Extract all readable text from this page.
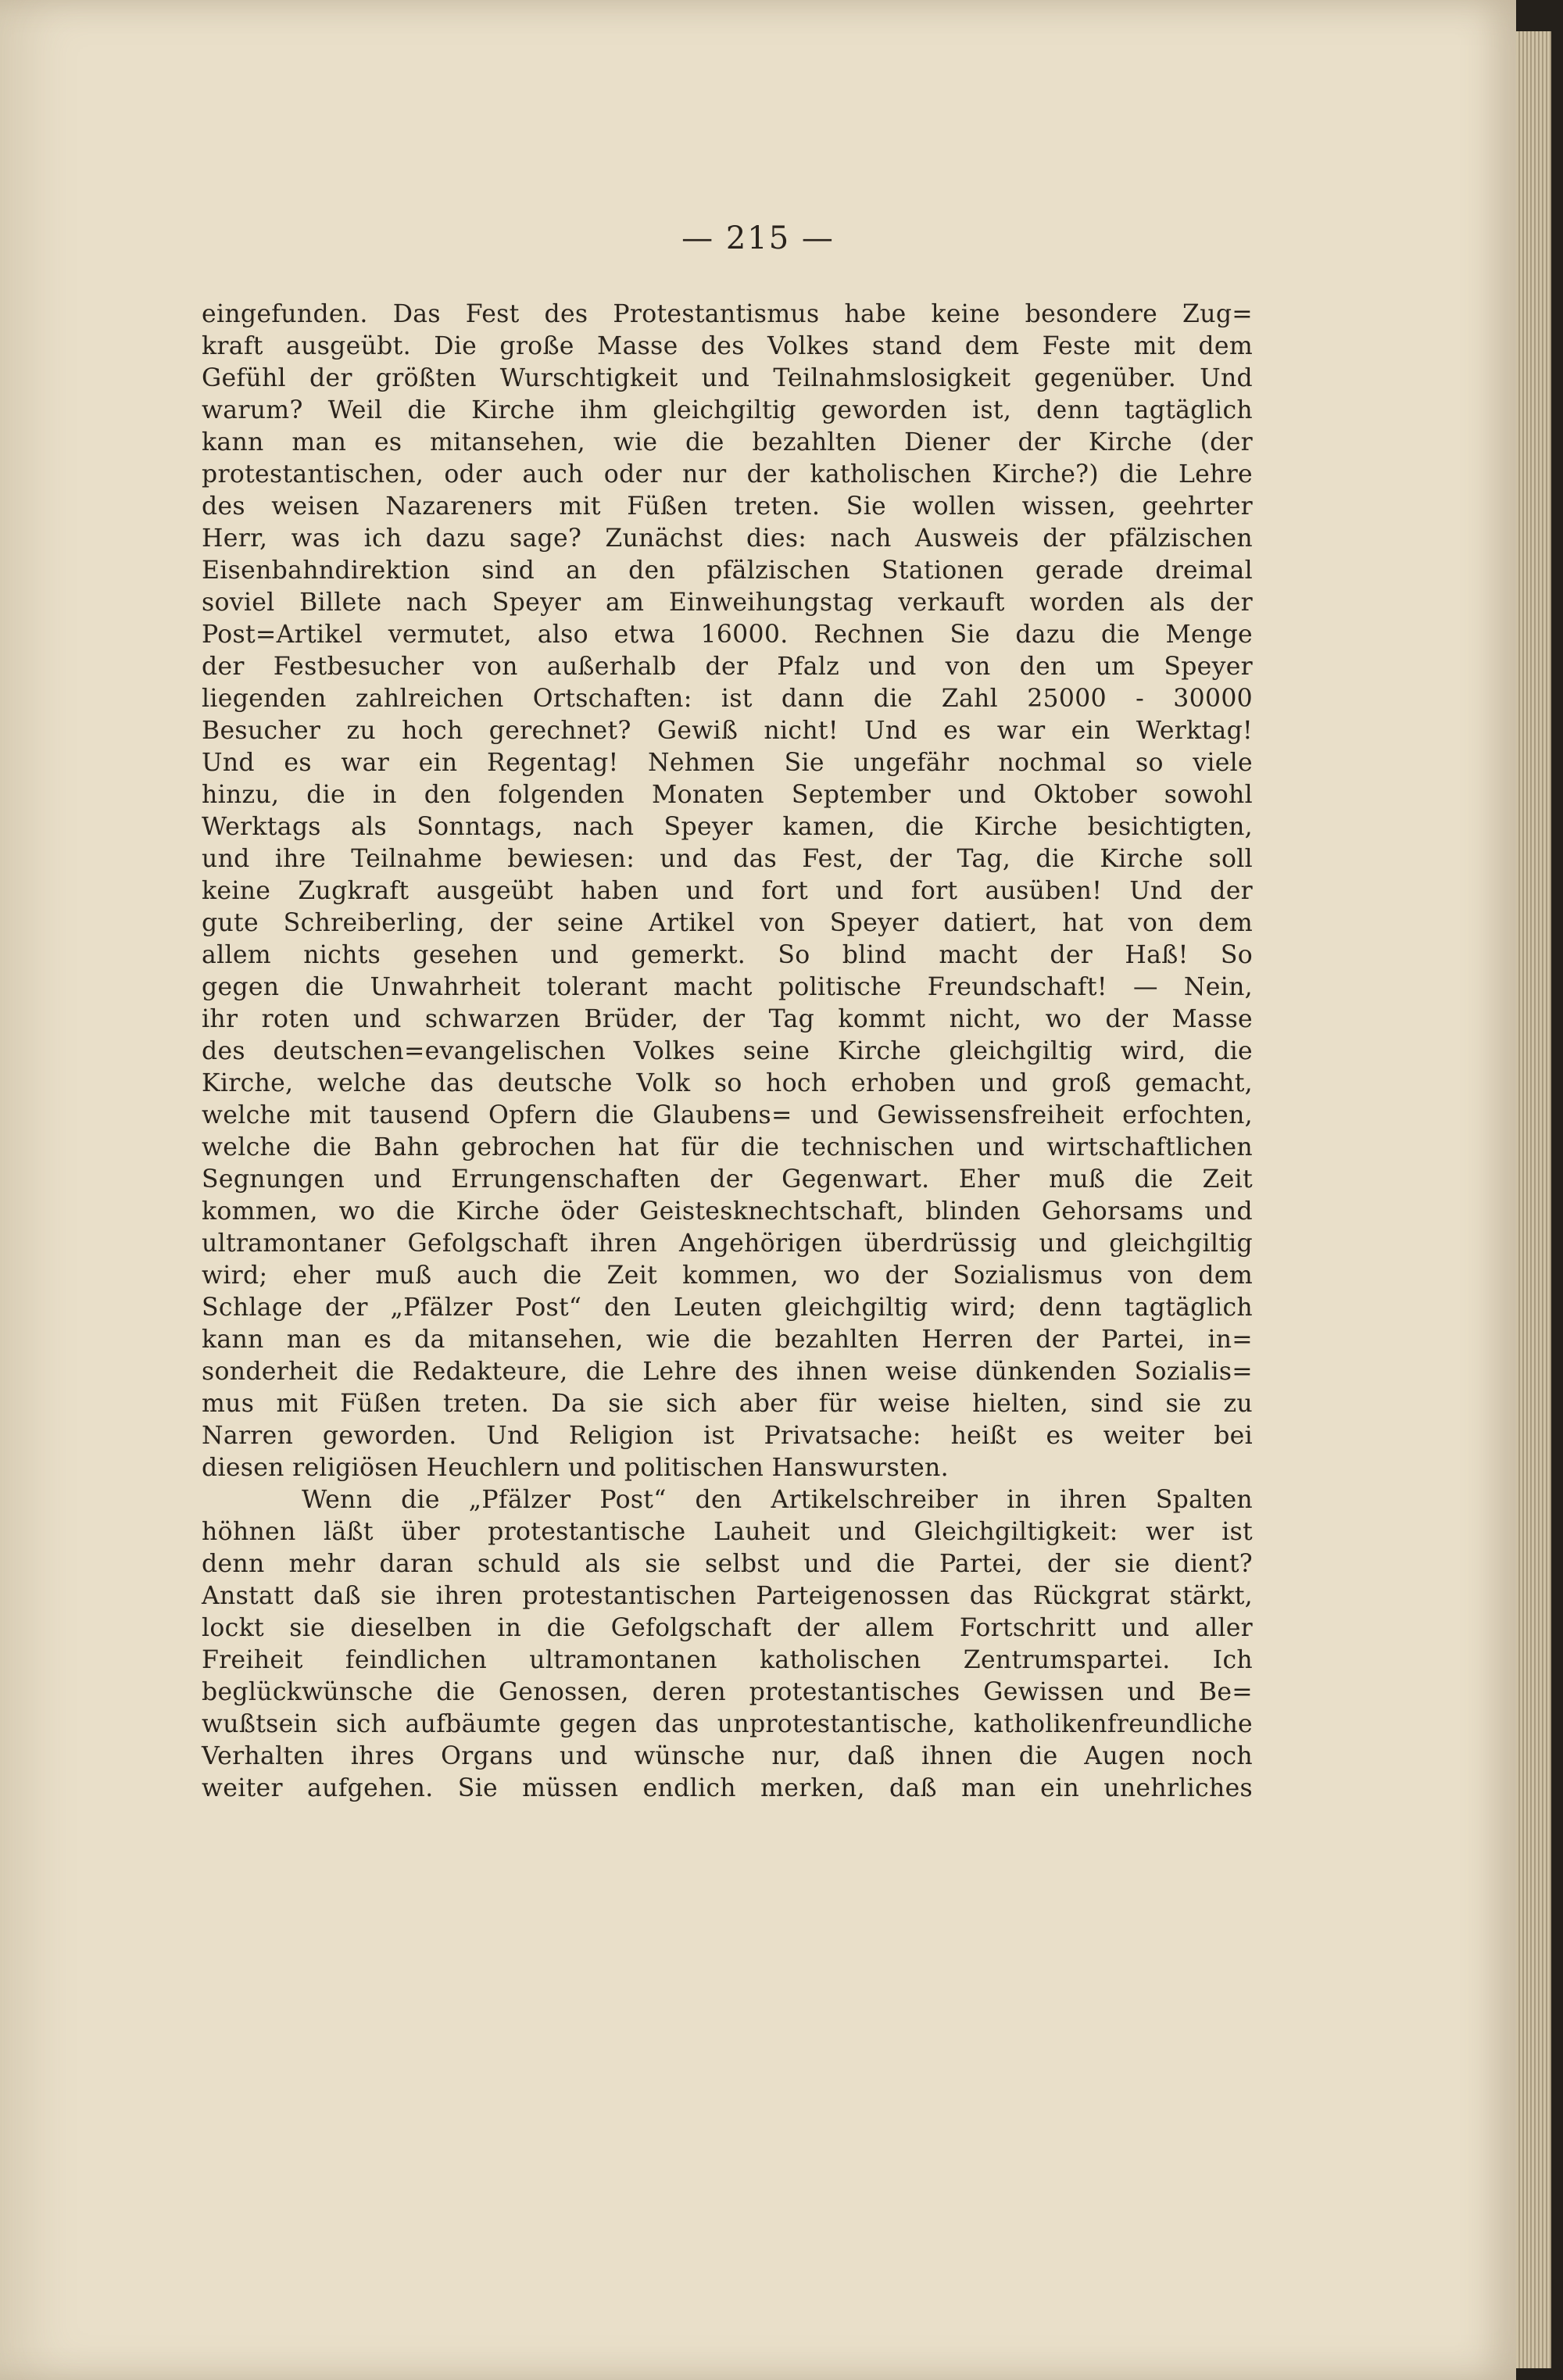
— 215 —
eingefunden. Das Fest des Protestantismus habe keine besondere Zug=
kraft ausgeübt. Die große Masse des Volkes stand dem Feste mit dem
Gefühl der größten Wurschtigkeit und Teilnahmslosigkeit gegenüber. Und
warum? Weil die Kirche ihm gleichgiltig geworden ist, denn tagtäglich
kann man es mitansehen, wie die bezahlten Diener der Kirche (der
protestantischen, oder auch oder nur der katholischen Kirche?) die Lehre
des weisen Nazareners mit Füßen treten. Sie wollen wissen, geehrter
Herr, was ich dazu sage? Zunächst dies: nach Ausweis der pfälzischen
Eisenbahndirektion sind an den pfälzischen Stationen gerade dreimal
soviel Billete nach Speyer am Einweihungstag verkauft worden als der
Post=Artikel vermutet, also etwa 16000. Rechnen Sie dazu die Menge
der Festbesucher von außerhalb der Pfalz und von den um Speyer
liegenden zahlreichen Ortschaften: ist dann die Zahl 25000 - 30000
Besucher zu hoch gerechnet? Gewiß nicht! Und es war ein Werktag!
Und es war ein Regentag! Nehmen Sie ungefähr nochmal so viele
hinzu, die in den folgenden Monaten September und Oktober sowohl
Werktags als Sonntags, nach Speyer kamen, die Kirche besichtigten,
und ihre Teilnahme bewiesen: und das Fest, der Tag, die Kirche soll
keine Zugkraft ausgeübt haben und fort und fort ausüben! Und der
gute Schreiberling, der seine Artikel von Speyer datiert, hat von dem
allem nichts gesehen und gemerkt. So blind macht der Haß! So
gegen die Unwahrheit tolerant macht politische Freundschaft! — Nein,
ihr roten und schwarzen Brüder, der Tag kommt nicht, wo der Masse
des deutschen=evangelischen Volkes seine Kirche gleichgiltig wird, die
Kirche, welche das deutsche Volk so hoch erhoben und groß gemacht,
welche mit tausend Opfern die Glaubens= und Gewissensfreiheit erfochten,
welche die Bahn gebrochen hat für die technischen und wirtschaftlichen
Segnungen und Errungenschaften der Gegenwart. Eher muß die Zeit
kommen, wo die Kirche öder Geistesknechtschaft, blinden Gehorsams und
ultramontaner Gefolgschaft ihren Angehörigen überdrüssig und gleichgiltig
wird; eher muß auch die Zeit kommen, wo der Sozialismus von dem
Schlage der „Pfälzer Post“ den Leuten gleichgiltig wird; denn tagtäglich
kann man es da mitansehen, wie die bezahlten Herren der Partei, in=
sonderheit die Redakteure, die Lehre des ihnen weise dünkenden Sozialis=
mus mit Füßen treten. Da sie sich aber für weise hielten, sind sie zu
Narren geworden. Und Religion ist Privatsache: heißt es weiter bei
diesen religiösen Heuchlern und politischen Hanswursten.
Wenn die „Pfälzer Post“ den Artikelschreiber in ihren Spalten
höhnen läßt über protestantische Lauheit und Gleichgiltigkeit: wer ist
denn mehr daran schuld als sie selbst und die Partei, der sie dient?
Anstatt daß sie ihren protestantischen Parteigenossen das Rückgrat stärkt,
lockt sie dieselben in die Gefolgschaft der allem Fortschritt und aller
Freiheit feindlichen ultramontanen katholischen Zentrumspartei. Ich
beglückwünsche die Genossen, deren protestantisches Gewissen und Be=
wußtsein sich aufbäumte gegen das unprotestantische, katholikenfreundliche
Verhalten ihres Organs und wünsche nur, daß ihnen die Augen noch
weiter aufgehen. Sie müssen endlich merken, daß man ein unehrliches
